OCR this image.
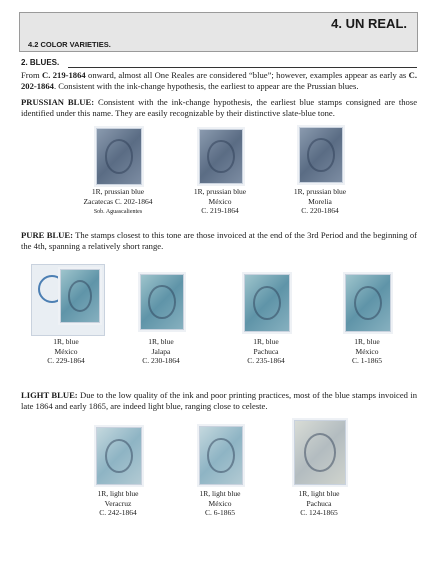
4. UN REAL.
4.2 COLOR VARIETIES.
2. BLUES.

From C. 219-1864 onward, almost all One Reales are considered “blue”; however, examples appear as early as C. 202-1864. Consistent with the ink-change hypothesis, the earliest to appear are the Prussian blues.

PRUSSIAN BLUE: Consistent with the ink-change hypothesis, the earliest blue stamps consigned are those identified under this name. They are easily recognizable by their distinctive slate-blue tone.

1R, prussian blue
Zacatecas C. 202-1864
Sob. Aguascalientes

1R, prussian blue
México
C. 219-1864

1R, prussian blue
Morelia
C. 220-1864

PURE BLUE: The stamps closest to this tone are those invoiced at the end of the 3rd Period and the beginning of the 4th, spanning a relatively short range.

1R, blue
México
C. 229-1864

1R, blue
Jalapa
C. 230-1864

1R, blue
Pachuca
C. 235-1864

1R, blue
México
C. 1-1865

LIGHT BLUE: Due to the low quality of the ink and poor printing practices, most of the blue stamps invoiced in late 1864 and early 1865, are indeed light blue, ranging close to celeste.

1R, light blue
Veracruz
C. 242-1864

1R, light blue
México
C. 6-1865

1R, light blue
Pachuca
C. 124-1865
